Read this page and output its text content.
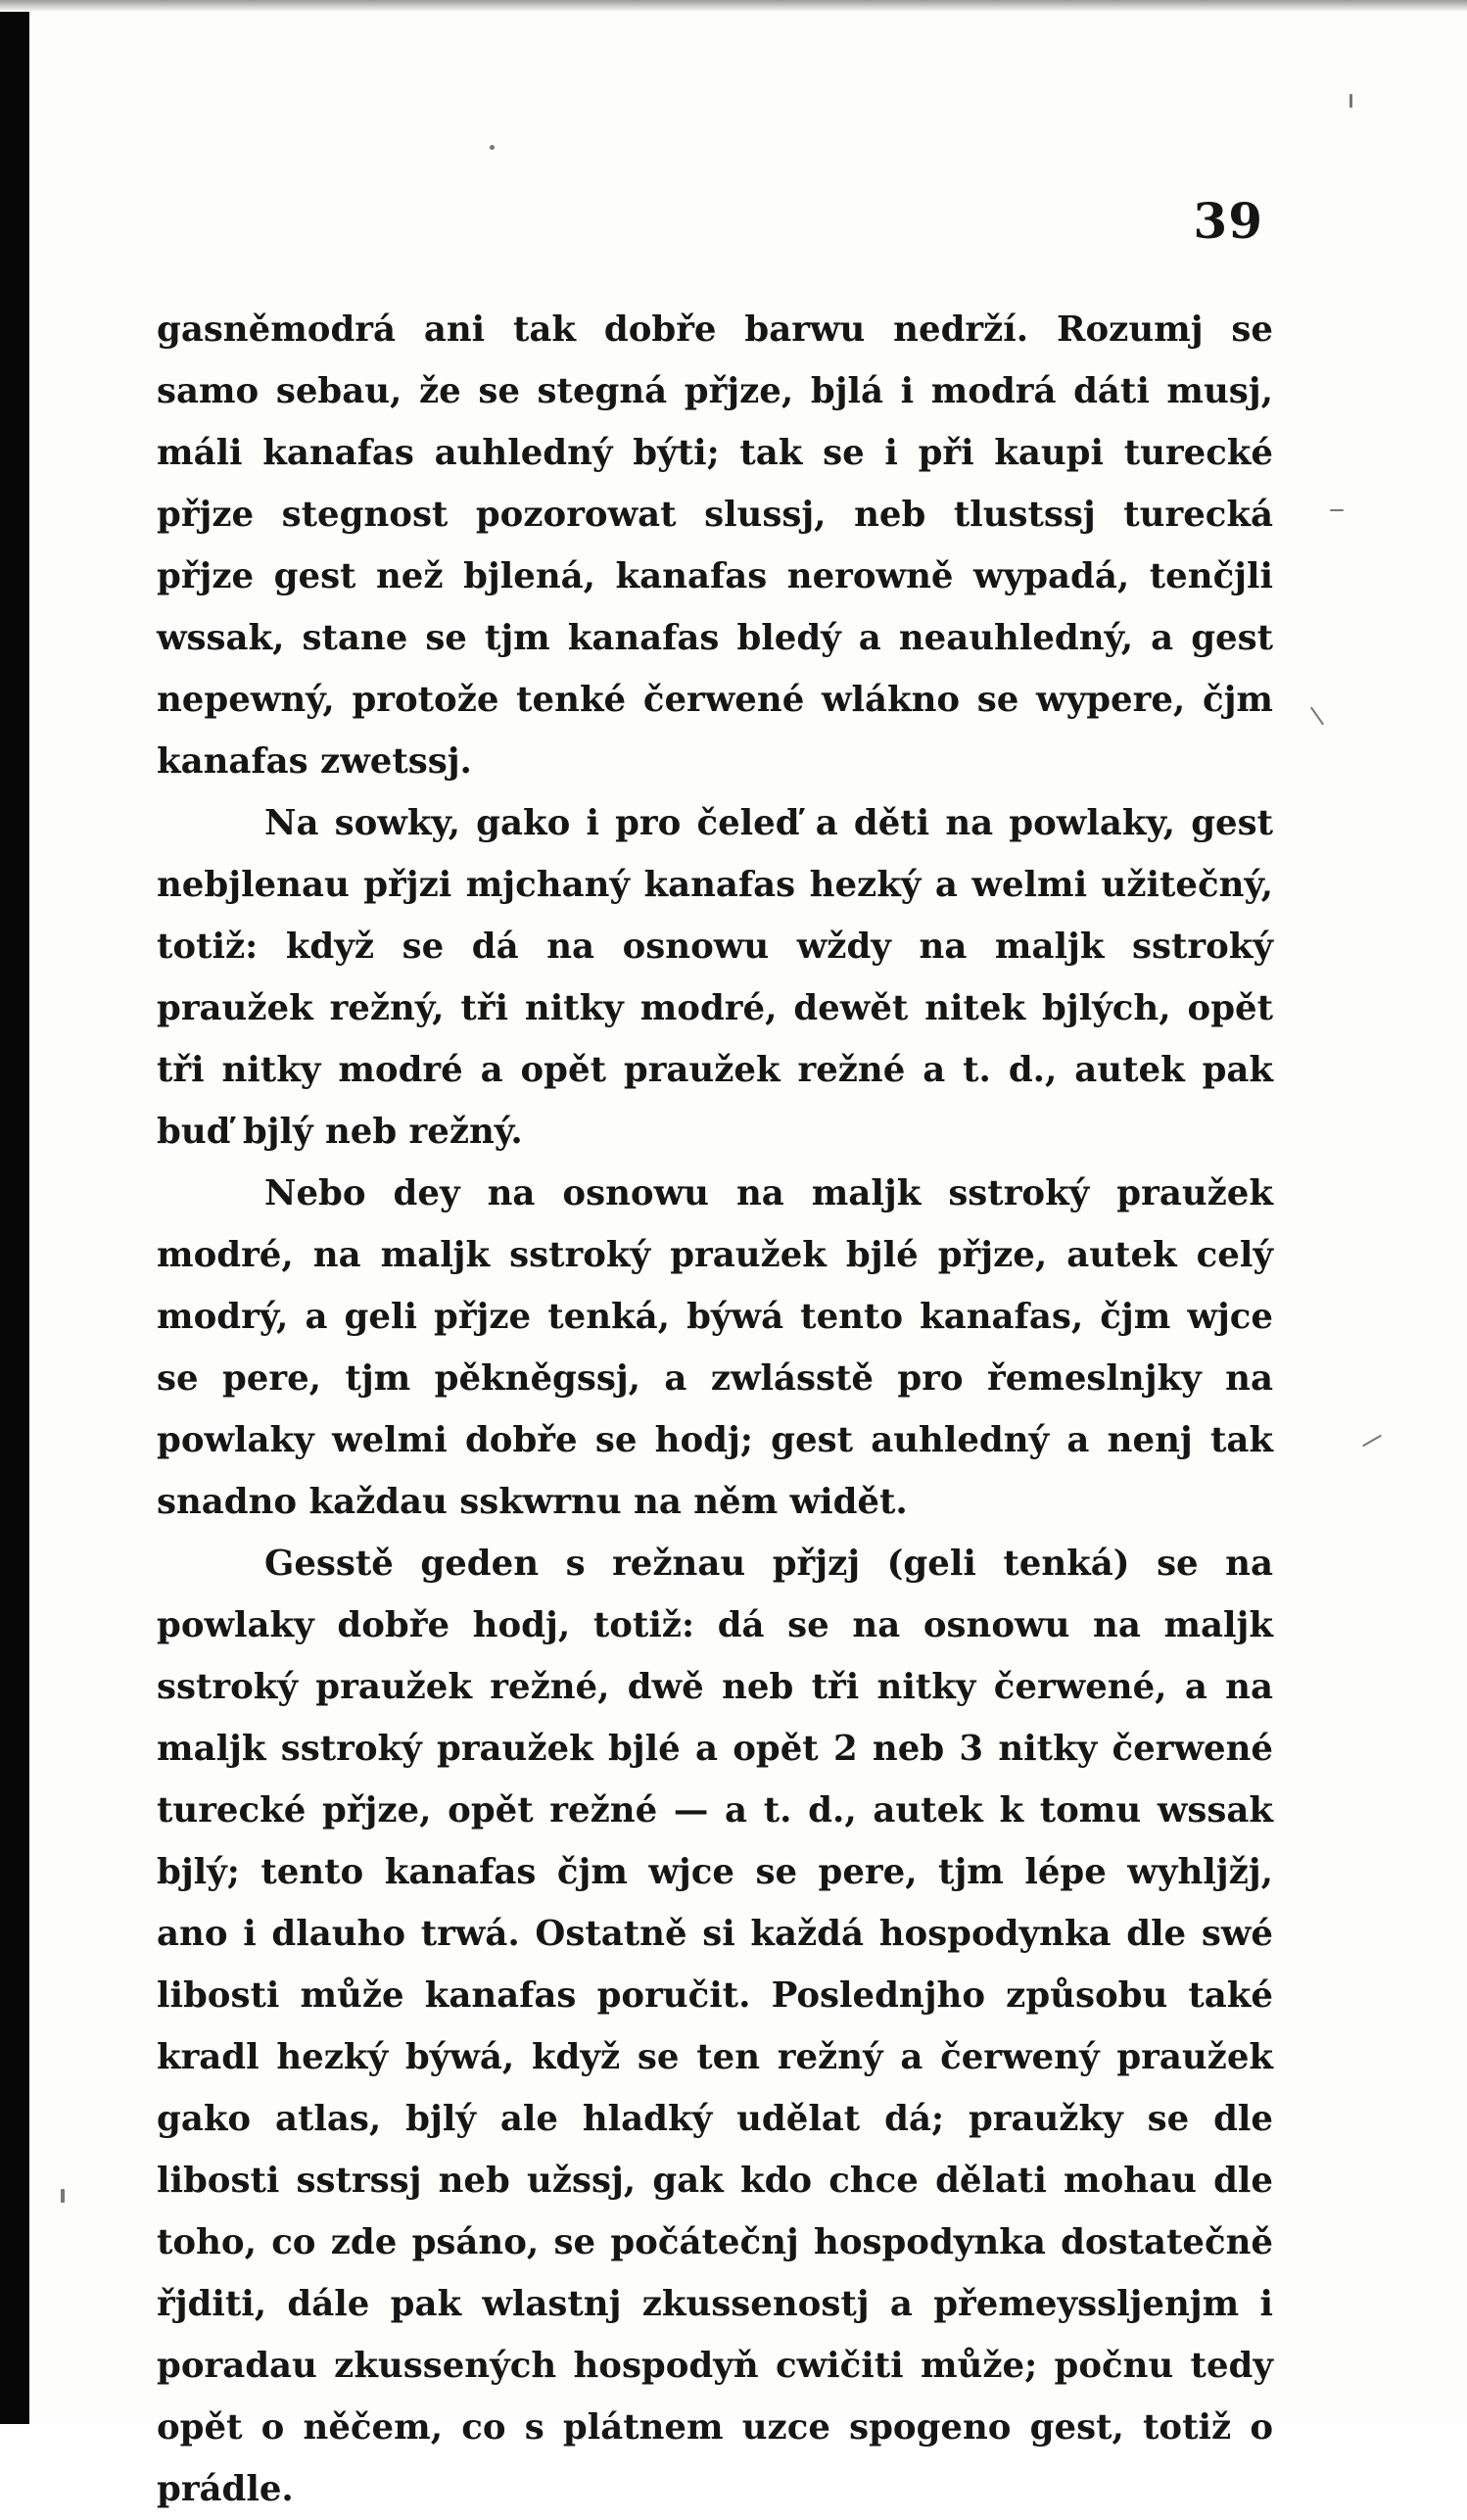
39

gasněmodrá ani tak dobře barwu nedrží. Rozumj se samo sebau, že se stegná přjze, bjlá i modrá dáti musj, máli kanafas auhledný býti; tak se i při kaupi turecké přjze stegnost pozorowat slussj, neb tlustssj turecká přjze gest než bjlená, kanafas nerowně wypadá, tenčjli wssak, stane se tjm kanafas bledý a neauhledný, a gest nepewný, protože tenké čerwené wlákno se wypere, čjm kanafas zwetssj.

Na sowky, gako i pro čeleď a děti na powlaky, gest nebjlenau přjzi mjchaný kanafas hezký a welmi užitečný, totiž: když se dá na osnowu wždy na maljk sstroký praužek režný, tři nitky modré, dewět nitek bjlých, opět tři nitky modré a opět praužek režné a t. d., autek pak buď bjlý neb režný.

Nebo dey na osnowu na maljk sstroký praužek modré, na maljk sstroký praužek bjlé přjze, autek celý modrý, a geli přjze tenká, býwá tento kanafas, čjm wjce se pere, tjm pěkněgssj, a zwlásstě pro řemeslnjky na powlaky welmi dobře se hodj; gest auhledný a nenj tak snadno každau sskwrnu na něm widět.

Gesstě geden s režnau přjzj (geli tenká) se na powlaky dobře hodj, totiž: dá se na osnowu na maljk sstroký praužek režné, dwě neb tři nitky čerwené, a na maljk sstroký praužek bjlé a opět 2 neb 3 nitky čerwené turecké přjze, opět režné — a t. d., autek k tomu wssak bjlý; tento kanafas čjm wjce se pere, tjm lépe wyhljžj, ano i dlauho trwá. Ostatně si každá hospodynka dle swé libosti může kanafas poručit. Poslednjho způsobu také kradl hezký býwá, když se ten režný a čerwený praužek gako atlas, bjlý ale hladký udělat dá; praužky se dle libosti sstrssj neb užssj, gak kdo chce dělati mohau dle toho, co zde psáno, se počátečnj hospodynka dostatečně řjditi, dále pak wlastnj zkussenostj a přemeyssljenjm i poradau zkussených hospodyň cwičiti může; počnu tedy opět o něčem, co s plátnem uzce spogeno gest, totiž o prádle.
